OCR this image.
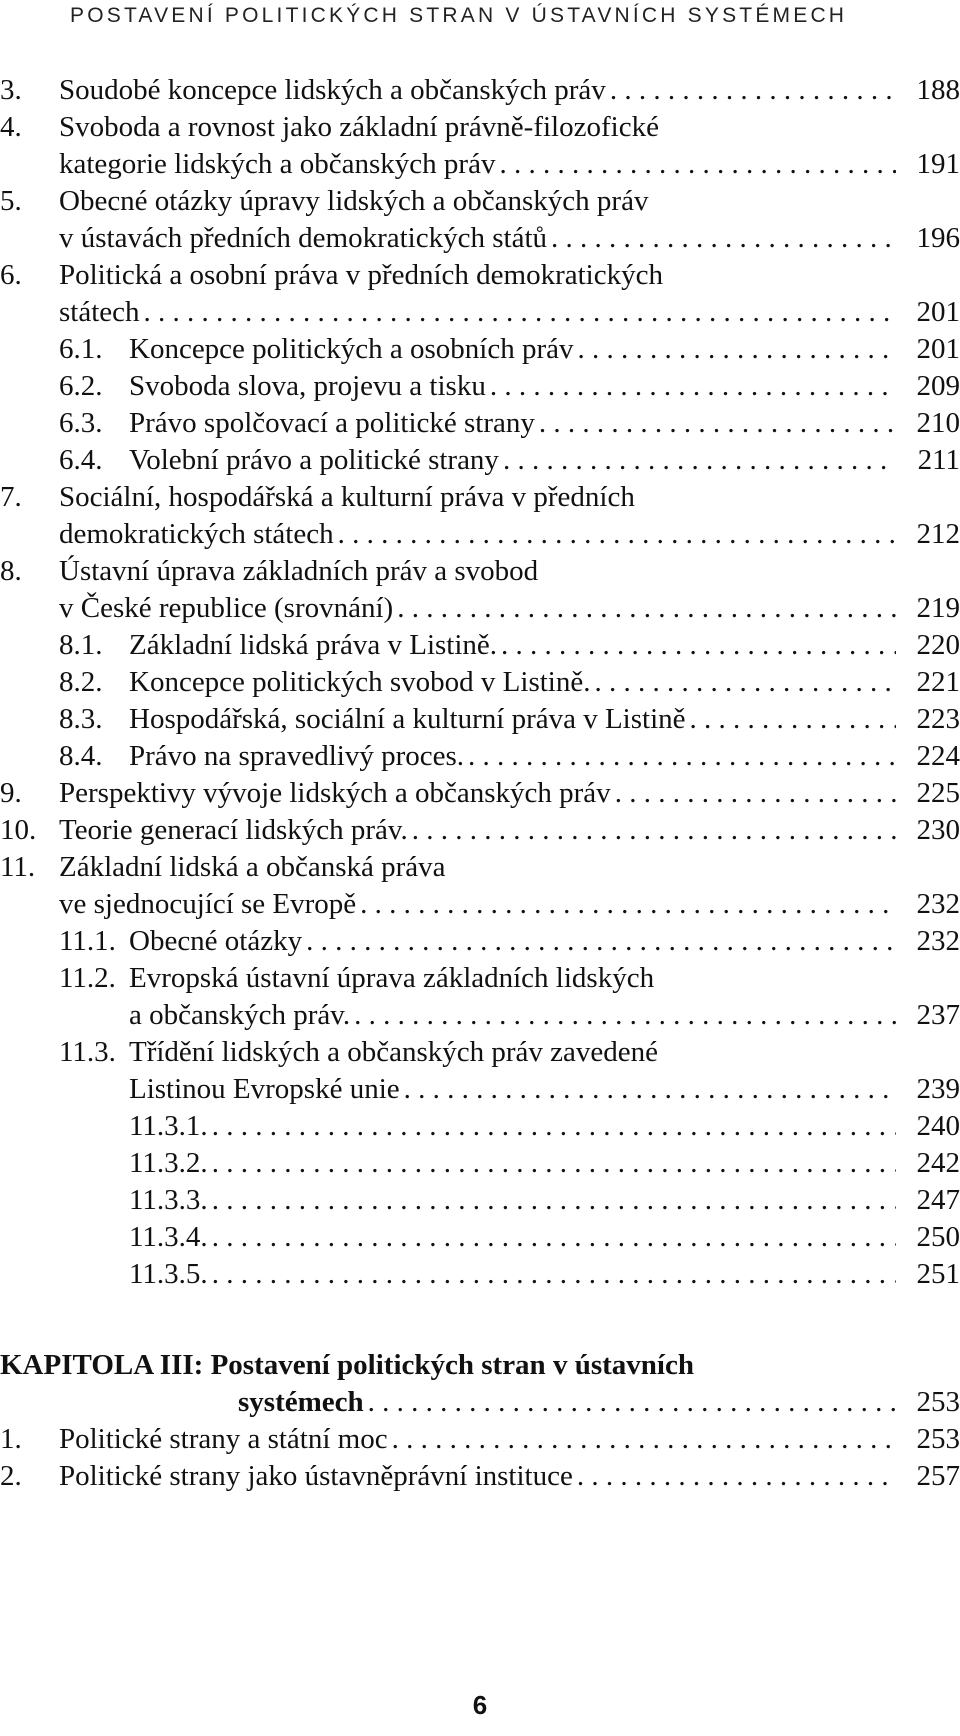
POSTAVENÍ POLITICKÝCH STRAN V ÚSTAVNÍCH SYSTÉMECH
3. Soudobé koncepce lidských a občanských práv . . .	188
4. Svoboda a rovnost jako základní právně-filozofické
kategorie lidských a občanských práv . . .	191
5. Obecné otázky úpravy lidských a občanských práv
v ústavách předních demokratických států . . .	196
6. Politická a osobní práva v předních demokratických
státech . . .	201
6.1. Koncepce politických a osobních práv . . .	201
6.2. Svoboda slova, projevu a tisku . . .	209
6.3. Právo spolčovací a politické strany . . .	210
6.4. Volební právo a politické strany . . .	211
7. Sociální, hospodářská a kulturní práva v předních
demokratických státech . . .	212
8. Ústavní úprava základních práv a svobod
v České republice (srovnání) . . .	219
8.1. Základní lidská práva v Listině. . . .	220
8.2. Koncepce politických svobod v Listině. . . .	221
8.3. Hospodářská, sociální a kulturní práva v Listině . . .	223
8.4. Právo na spravedlivý proces. . . .	224
9. Perspektivy vývoje lidských a občanských práv . . .	225
10. Teorie generací lidských práv. . . .	230
11. Základní lidská a občanská práva
ve sjednocující se Evropě . . .	232
11.1. Obecné otázky . . .	232
11.2. Evropská ústavní úprava základních lidských
a občanských práv. . . .	237
11.3. Třídění lidských a občanských práv zavedené
Listinou Evropské unie . . .	239
11.3.1. . . .	240
11.3.2. . . .	242
11.3.3. . . .	247
11.3.4. . . .	250
11.3.5. . . .	251
KAPITOLA III: Postavení politických stran v ústavních
systémech . . .	253
1. Politické strany a státní moc . . .	253
2. Politické strany jako ústavněprávní instituce . . .	257
6
